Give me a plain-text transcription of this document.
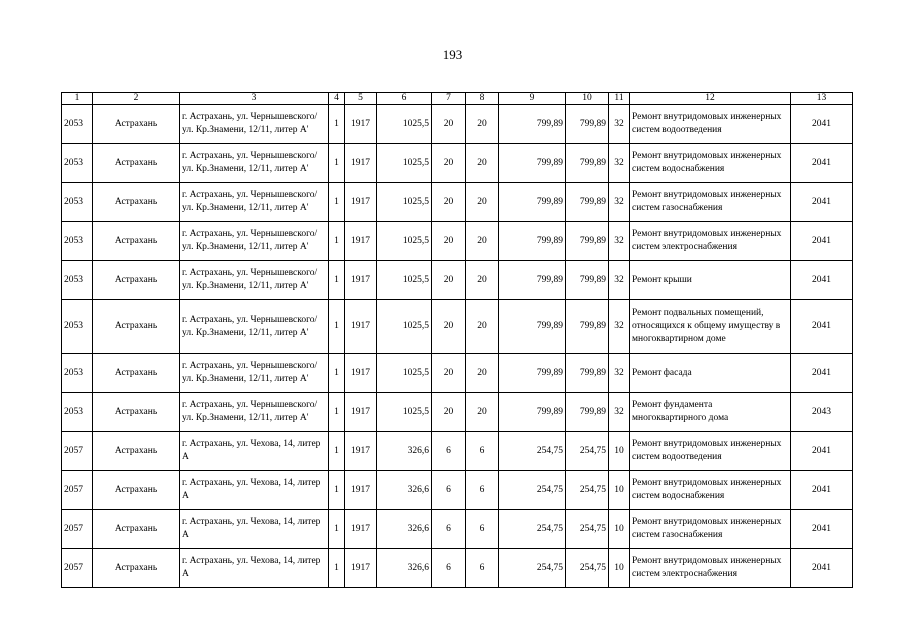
193
1	2	3	4	5	6	7	8	9	10	11	12	13
2053	Астрахань	г. Астрахань, ул. Чернышевского/ ул. Кр.Знамени, 12/11, литер А'	1	1917	1025,5	20	20	799,89	799,89	32	Ремонт внутридомовых инженерных систем водоотведения	2041
2053	Астрахань	г. Астрахань, ул. Чернышевского/ ул. Кр.Знамени, 12/11, литер А'	1	1917	1025,5	20	20	799,89	799,89	32	Ремонт внутридомовых инженерных систем водоснабжения	2041
2053	Астрахань	г. Астрахань, ул. Чернышевского/ ул. Кр.Знамени, 12/11, литер А'	1	1917	1025,5	20	20	799,89	799,89	32	Ремонт внутридомовых инженерных систем газоснабжения	2041
2053	Астрахань	г. Астрахань, ул. Чернышевского/ ул. Кр.Знамени, 12/11, литер А'	1	1917	1025,5	20	20	799,89	799,89	32	Ремонт внутридомовых инженерных систем электроснабжения	2041
2053	Астрахань	г. Астрахань, ул. Чернышевского/ ул. Кр.Знамени, 12/11, литер А'	1	1917	1025,5	20	20	799,89	799,89	32	Ремонт крыши	2041
2053	Астрахань	г. Астрахань, ул. Чернышевского/ ул. Кр.Знамени, 12/11, литер А'	1	1917	1025,5	20	20	799,89	799,89	32	Ремонт подвальных помещений, относящихся к общему имуществу в многоквартирном доме	2041
2053	Астрахань	г. Астрахань, ул. Чернышевского/ ул. Кр.Знамени, 12/11, литер А'	1	1917	1025,5	20	20	799,89	799,89	32	Ремонт фасада	2041
2053	Астрахань	г. Астрахань, ул. Чернышевского/ ул. Кр.Знамени, 12/11, литер А'	1	1917	1025,5	20	20	799,89	799,89	32	Ремонт фундамента многоквартирного дома	2043
2057	Астрахань	г. Астрахань, ул. Чехова, 14, литер А	1	1917	326,6	6	6	254,75	254,75	10	Ремонт внутридомовых инженерных систем водоотведения	2041
2057	Астрахань	г. Астрахань, ул. Чехова, 14, литер А	1	1917	326,6	6	6	254,75	254,75	10	Ремонт внутридомовых инженерных систем водоснабжения	2041
2057	Астрахань	г. Астрахань, ул. Чехова, 14, литер А	1	1917	326,6	6	6	254,75	254,75	10	Ремонт внутридомовых инженерных систем газоснабжения	2041
2057	Астрахань	г. Астрахань, ул. Чехова, 14, литер А	1	1917	326,6	6	6	254,75	254,75	10	Ремонт внутридомовых инженерных систем электроснабжения	2041
